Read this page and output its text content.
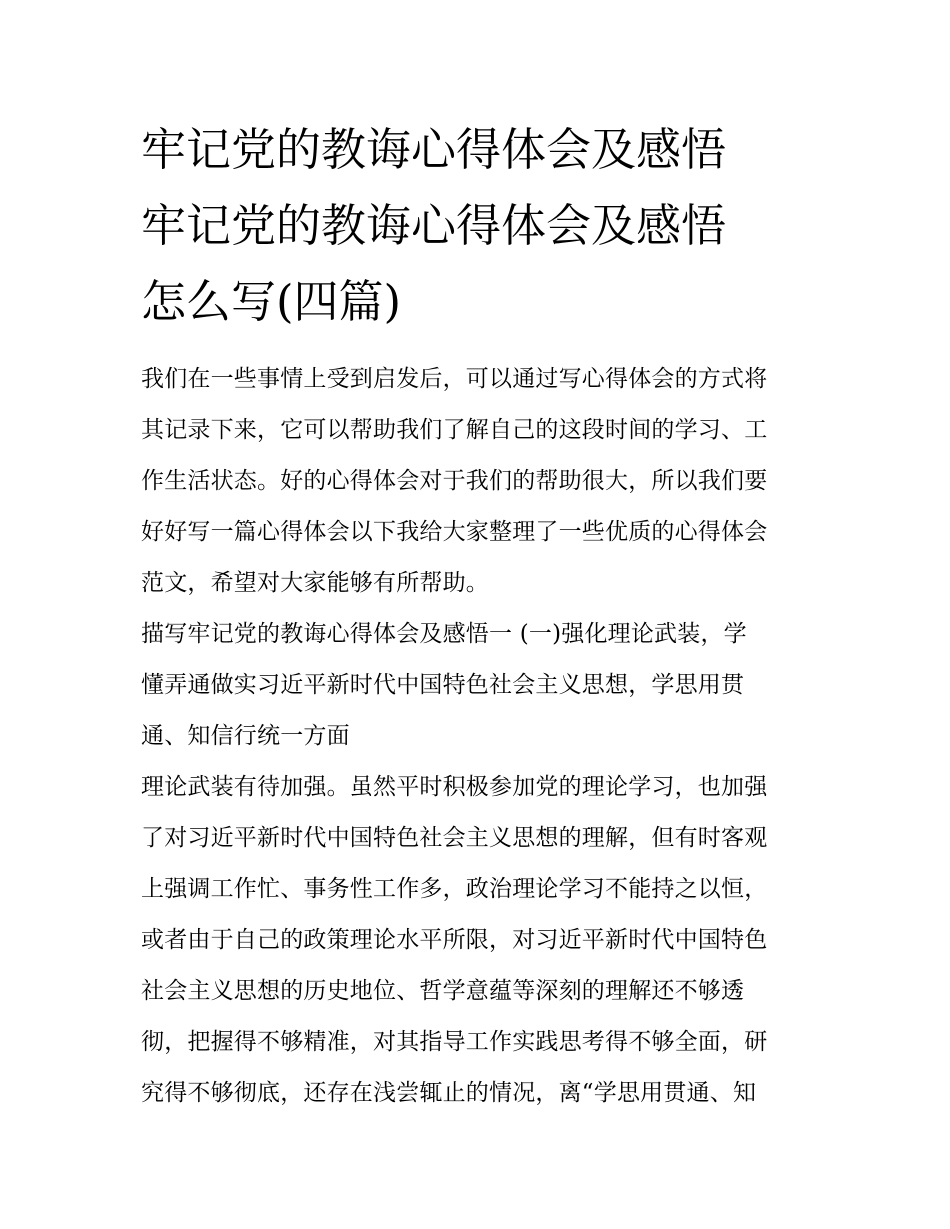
牢记党的教诲心得体会及感悟
牢记党的教诲心得体会及感悟
怎么写(四篇)
我们在一些事情上受到启发后，可以通过写心得体会的方式将
其记录下来，它可以帮助我们了解自己的这段时间的学习、工
作生活状态。好的心得体会对于我们的帮助很大，所以我们要
好好写一篇心得体会以下我给大家整理了一些优质的心得体会
范文，希望对大家能够有所帮助。
描写牢记党的教诲心得体会及感悟一 (一)强化理论武装，学
懂弄通做实习近平新时代中国特色社会主义思想，学思用贯
通、知信行统一方面
理论武装有待加强。虽然平时积极参加党的理论学习，也加强
了对习近平新时代中国特色社会主义思想的理解，但有时客观
上强调工作忙、事务性工作多，政治理论学习不能持之以恒，
或者由于自己的政策理论水平所限，对习近平新时代中国特色
社会主义思想的历史地位、哲学意蕴等深刻的理解还不够透
彻，把握得不够精准，对其指导工作实践思考得不够全面，研
究得不够彻底，还存在浅尝辄止的情况，离“学思用贯通、知
